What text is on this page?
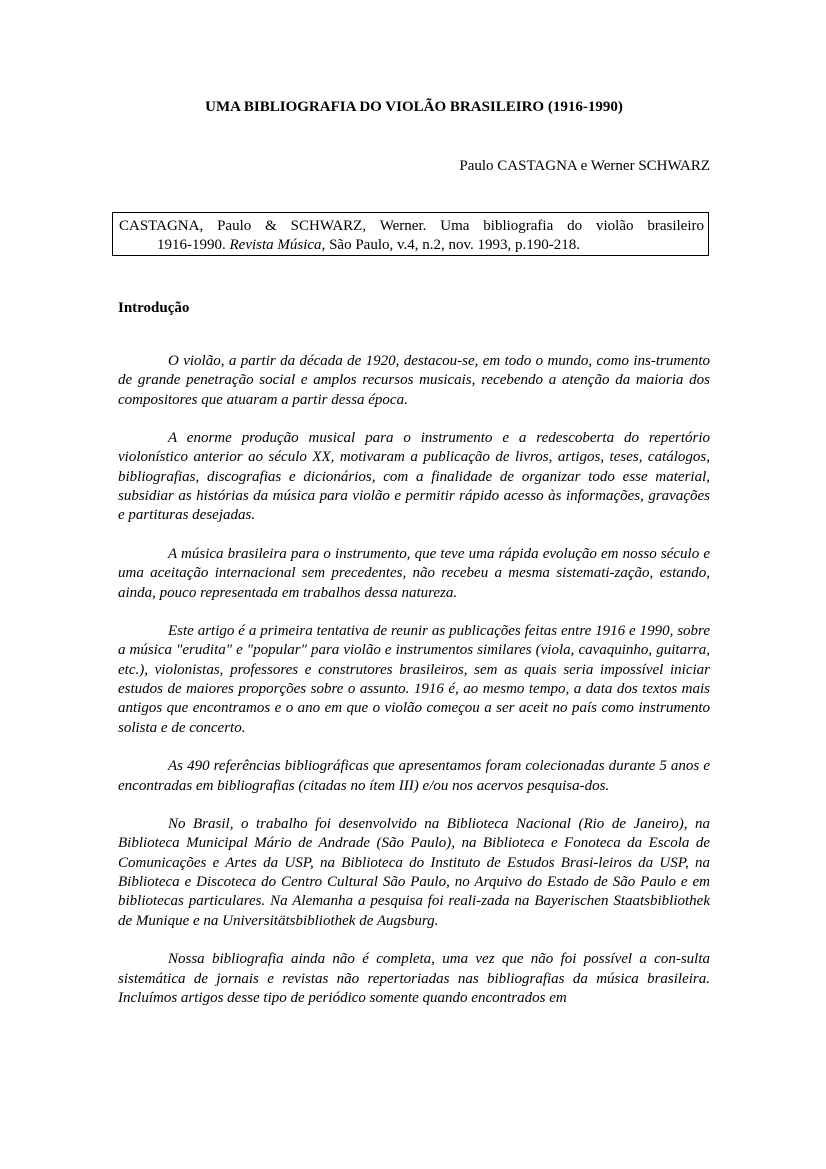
UMA BIBLIOGRAFIA DO VIOLÃO BRASILEIRO (1916-1990)
Paulo CASTAGNA e Werner SCHWARZ
CASTAGNA, Paulo & SCHWARZ, Werner. Uma bibliografia do violão brasileiro
1916-1990. Revista Música, São Paulo, v.4, n.2, nov. 1993, p.190-218.
Introdução

O violão, a partir da década de 1920, destacou-se, em todo o mundo, como ins-trumento de grande penetração social e amplos recursos musicais, recebendo a atenção da maioria dos compositores que atuaram a partir dessa época.

A enorme produção musical para o instrumento e a redescoberta do repertório violonístico anterior ao século XX, motivaram a publicação de livros, artigos, teses, catálogos, bibliografias, discografias e dicionários, com a finalidade de organizar todo esse material, subsidiar as histórias da música para violão e permitir rápido acesso às informações, gravações e partituras desejadas.

A música brasileira para o instrumento, que teve uma rápida evolução em nosso século e uma aceitação internacional sem precedentes, não recebeu a mesma sistemati-zação, estando, ainda, pouco representada em trabalhos dessa natureza.

Este artigo é a primeira tentativa de reunir as publicações feitas entre 1916 e 1990, sobre a música "erudita" e "popular" para violão e instrumentos similares (viola, cavaquinho, guitarra, etc.), violonistas, professores e construtores brasileiros, sem as quais seria impossível iniciar estudos de maiores proporções sobre o assunto. 1916 é, ao mesmo tempo, a data dos textos mais antigos que encontramos e o ano em que o violão começou a ser aceit no país como instrumento solista e de concerto.

As 490 referências bibliográficas que apresentamos foram colecionadas durante 5 anos e encontradas em bibliografias (citadas no ítem III) e/ou nos acervos pesquisa-dos.

No Brasil, o trabalho foi desenvolvido na Biblioteca Nacional (Rio de Janeiro), na Biblioteca Municipal Mário de Andrade (São Paulo), na Biblioteca e Fonoteca da Escola de Comunicações e Artes da USP, na Biblioteca do Instituto de Estudos Brasi-leiros da USP, na Biblioteca e Discoteca do Centro Cultural São Paulo, no Arquivo do Estado de São Paulo e em bibliotecas particulares. Na Alemanha a pesquisa foi reali-zada na Bayerischen Staatsbibliothek de Munique e na Universitätsbibliothek de Augsburg.

Nossa bibliografia ainda não é completa, uma vez que não foi possível a con-sulta sistemática de jornais e revistas não repertoriadas nas bibliografias da música brasileira. Incluímos artigos desse tipo de periódico somente quando encontrados em
